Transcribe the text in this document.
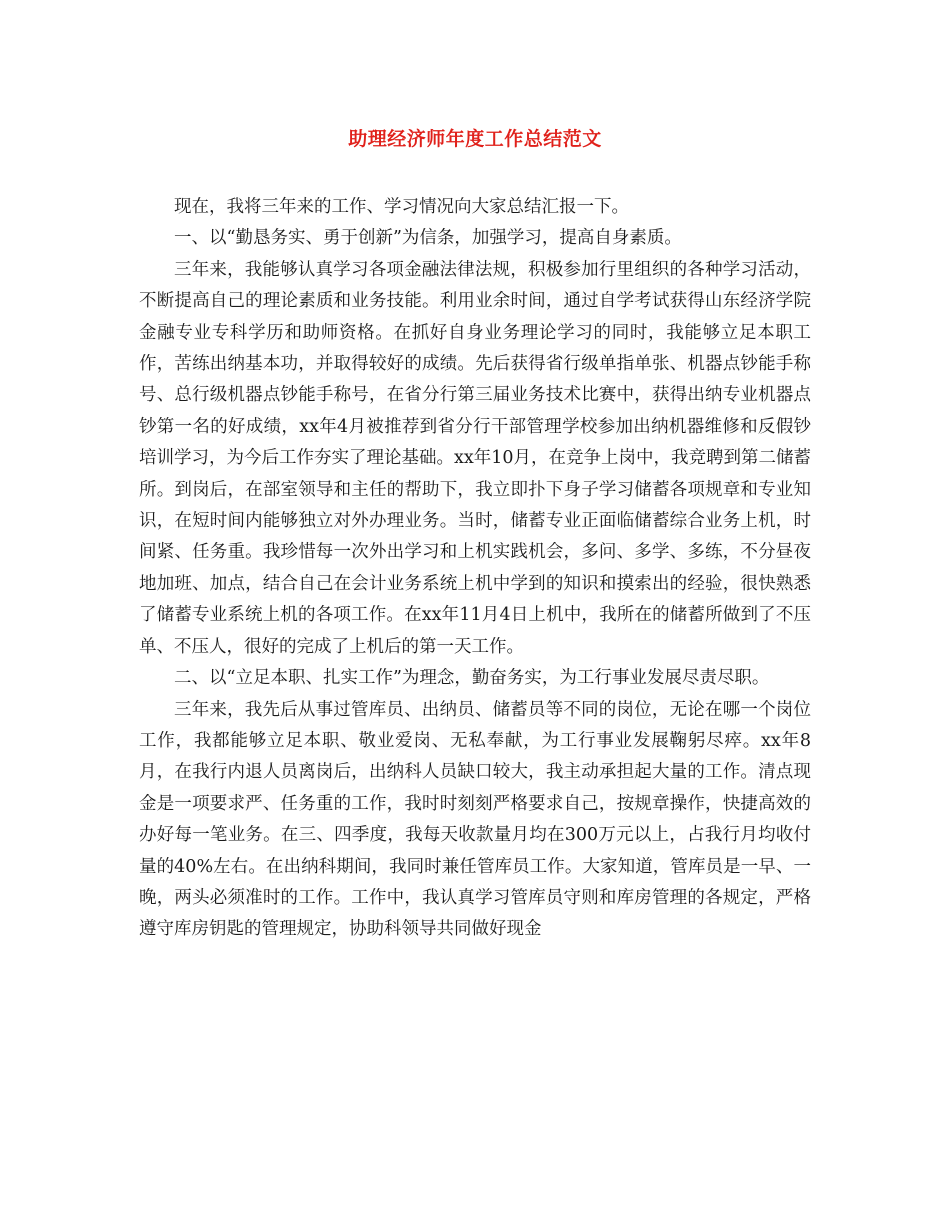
助理经济师年度工作总结范文

现在，我将三年来的工作、学习情况向大家总结汇报一下。

一、以“勤恳务实、勇于创新”为信条，加强学习，提高自身素质。

三年来，我能够认真学习各项金融法律法规，积极参加行里组织的各种学习活动，不断提高自己的理论素质和业务技能。利用业余时间，通过自学考试获得山东经济学院金融专业专科学历和助师资格。在抓好自身业务理论学习的同时，我能够立足本职工作，苦练出纳基本功，并取得较好的成绩。先后获得省行级单指单张、机器点钞能手称号、总行级机器点钞能手称号，在省分行第三届业务技术比赛中，获得出纳专业机器点钞第一名的好成绩，xx年4月被推荐到省分行干部管理学校参加出纳机器维修和反假钞培训学习，为今后工作夯实了理论基础。xx年10月，在竞争上岗中，我竞聘到第二储蓄所。到岗后，在部室领导和主任的帮助下，我立即扑下身子学习储蓄各项规章和专业知识，在短时间内能够独立对外办理业务。当时，储蓄专业正面临储蓄综合业务上机，时间紧、任务重。我珍惜每一次外出学习和上机实践机会，多问、多学、多练，不分昼夜地加班、加点，结合自己在会计业务系统上机中学到的知识和摸索出的经验，很快熟悉了储蓄专业系统上机的各项工作。在xx年11月4日上机中，我所在的储蓄所做到了不压单、不压人，很好的完成了上机后的第一天工作。

二、以“立足本职、扎实工作”为理念，勤奋务实，为工行事业发展尽责尽职。

三年来，我先后从事过管库员、出纳员、储蓄员等不同的岗位，无论在哪一个岗位工作，我都能够立足本职、敬业爱岗、无私奉献，为工行事业发展鞠躬尽瘁。xx年8月，在我行内退人员离岗后，出纳科人员缺口较大，我主动承担起大量的工作。清点现金是一项要求严、任务重的工作，我时时刻刻严格要求自己，按规章操作，快捷高效的办好每一笔业务。在三、四季度，我每天收款量月均在300万元以上，占我行月均收付量的40%左右。在出纳科期间，我同时兼任管库员工作。大家知道，管库员是一早、一晚，两头必须准时的工作。工作中，我认真学习管库员守则和库房管理的各规定，严格遵守库房钥匙的管理规定，协助科领导共同做好现金
